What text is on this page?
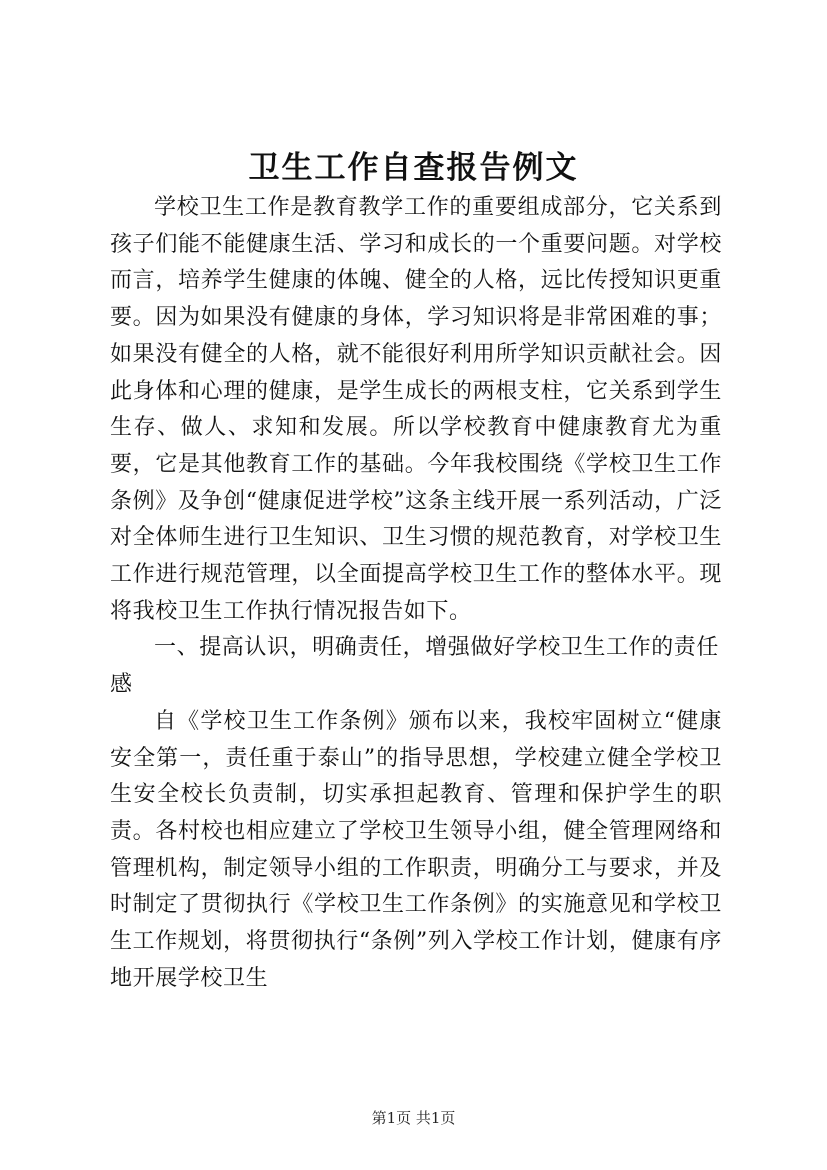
卫生工作自查报告例文

学校卫生工作是教育教学工作的重要组成部分，它关系到孩子们能不能健康生活、学习和成长的一个重要问题。对学校而言，培养学生健康的体魄、健全的人格，远比传授知识更重要。因为如果没有健康的身体，学习知识将是非常困难的事；如果没有健全的人格，就不能很好利用所学知识贡献社会。因此身体和心理的健康，是学生成长的两根支柱，它关系到学生生存、做人、求知和发展。所以学校教育中健康教育尤为重要，它是其他教育工作的基础。今年我校围绕《学校卫生工作条例》及争创“健康促进学校”这条主线开展一系列活动，广泛对全体师生进行卫生知识、卫生习惯的规范教育，对学校卫生工作进行规范管理，以全面提高学校卫生工作的整体水平。现将我校卫生工作执行情况报告如下。

一、提高认识，明确责任，增强做好学校卫生工作的责任感

自《学校卫生工作条例》颁布以来，我校牢固树立“健康安全第一，责任重于泰山”的指导思想，学校建立健全学校卫生安全校长负责制，切实承担起教育、管理和保护学生的职责。各村校也相应建立了学校卫生领导小组，健全管理网络和管理机构，制定领导小组的工作职责，明确分工与要求，并及时制定了贯彻执行《学校卫生工作条例》的实施意见和学校卫生工作规划，将贯彻执行“条例”列入学校工作计划，健康有序地开展学校卫生

第1页 共1页
